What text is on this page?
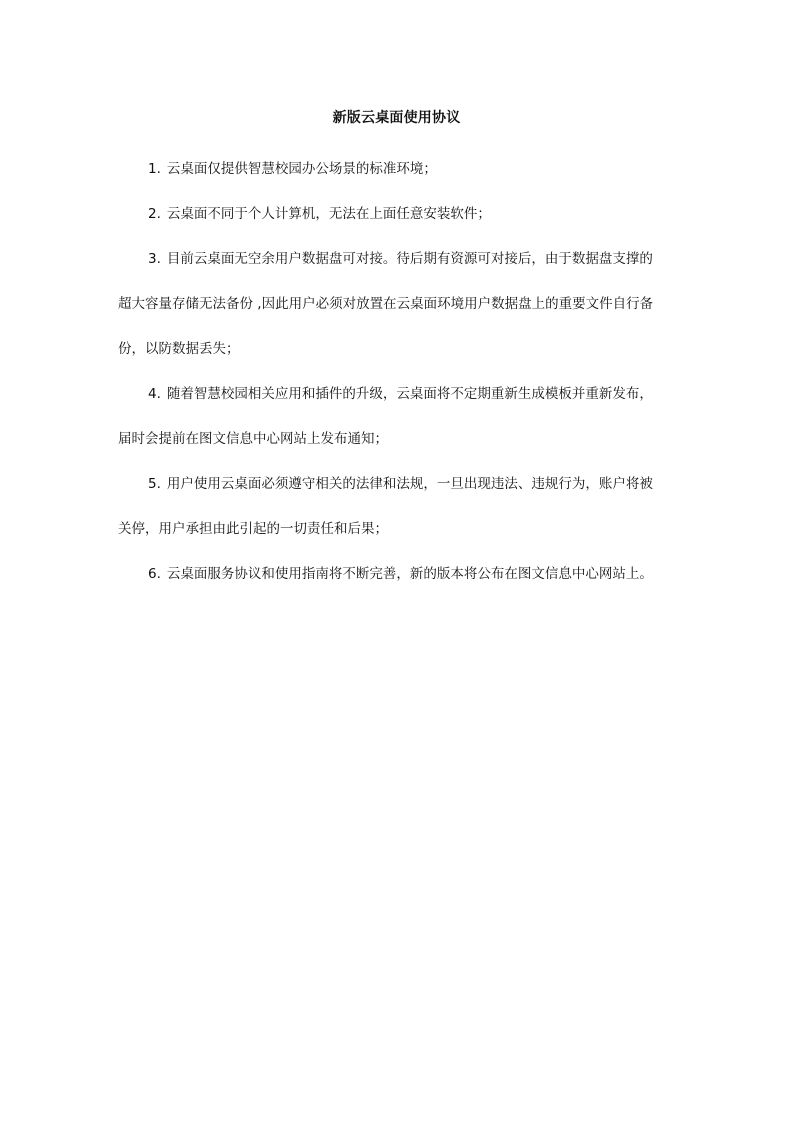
新版云桌面使用协议

1. 云桌面仅提供智慧校园办公场景的标准环境；

2. 云桌面不同于个人计算机，无法在上面任意安装软件；

3. 目前云桌面无空余用户数据盘可对接。待后期有资源可对接后，由于数据盘支撑的
超大容量存储无法备份 ,因此用户必须对放置在云桌面环境用户数据盘上的重要文件自行备
份，以防数据丢失；

4. 随着智慧校园相关应用和插件的升级，云桌面将不定期重新生成模板并重新发布，
届时会提前在图文信息中心网站上发布通知；

5. 用户使用云桌面必须遵守相关的法律和法规，一旦出现违法、违规行为，账户将被
关停，用户承担由此引起的一切责任和后果；

6. 云桌面服务协议和使用指南将不断完善，新的版本将公布在图文信息中心网站上。
